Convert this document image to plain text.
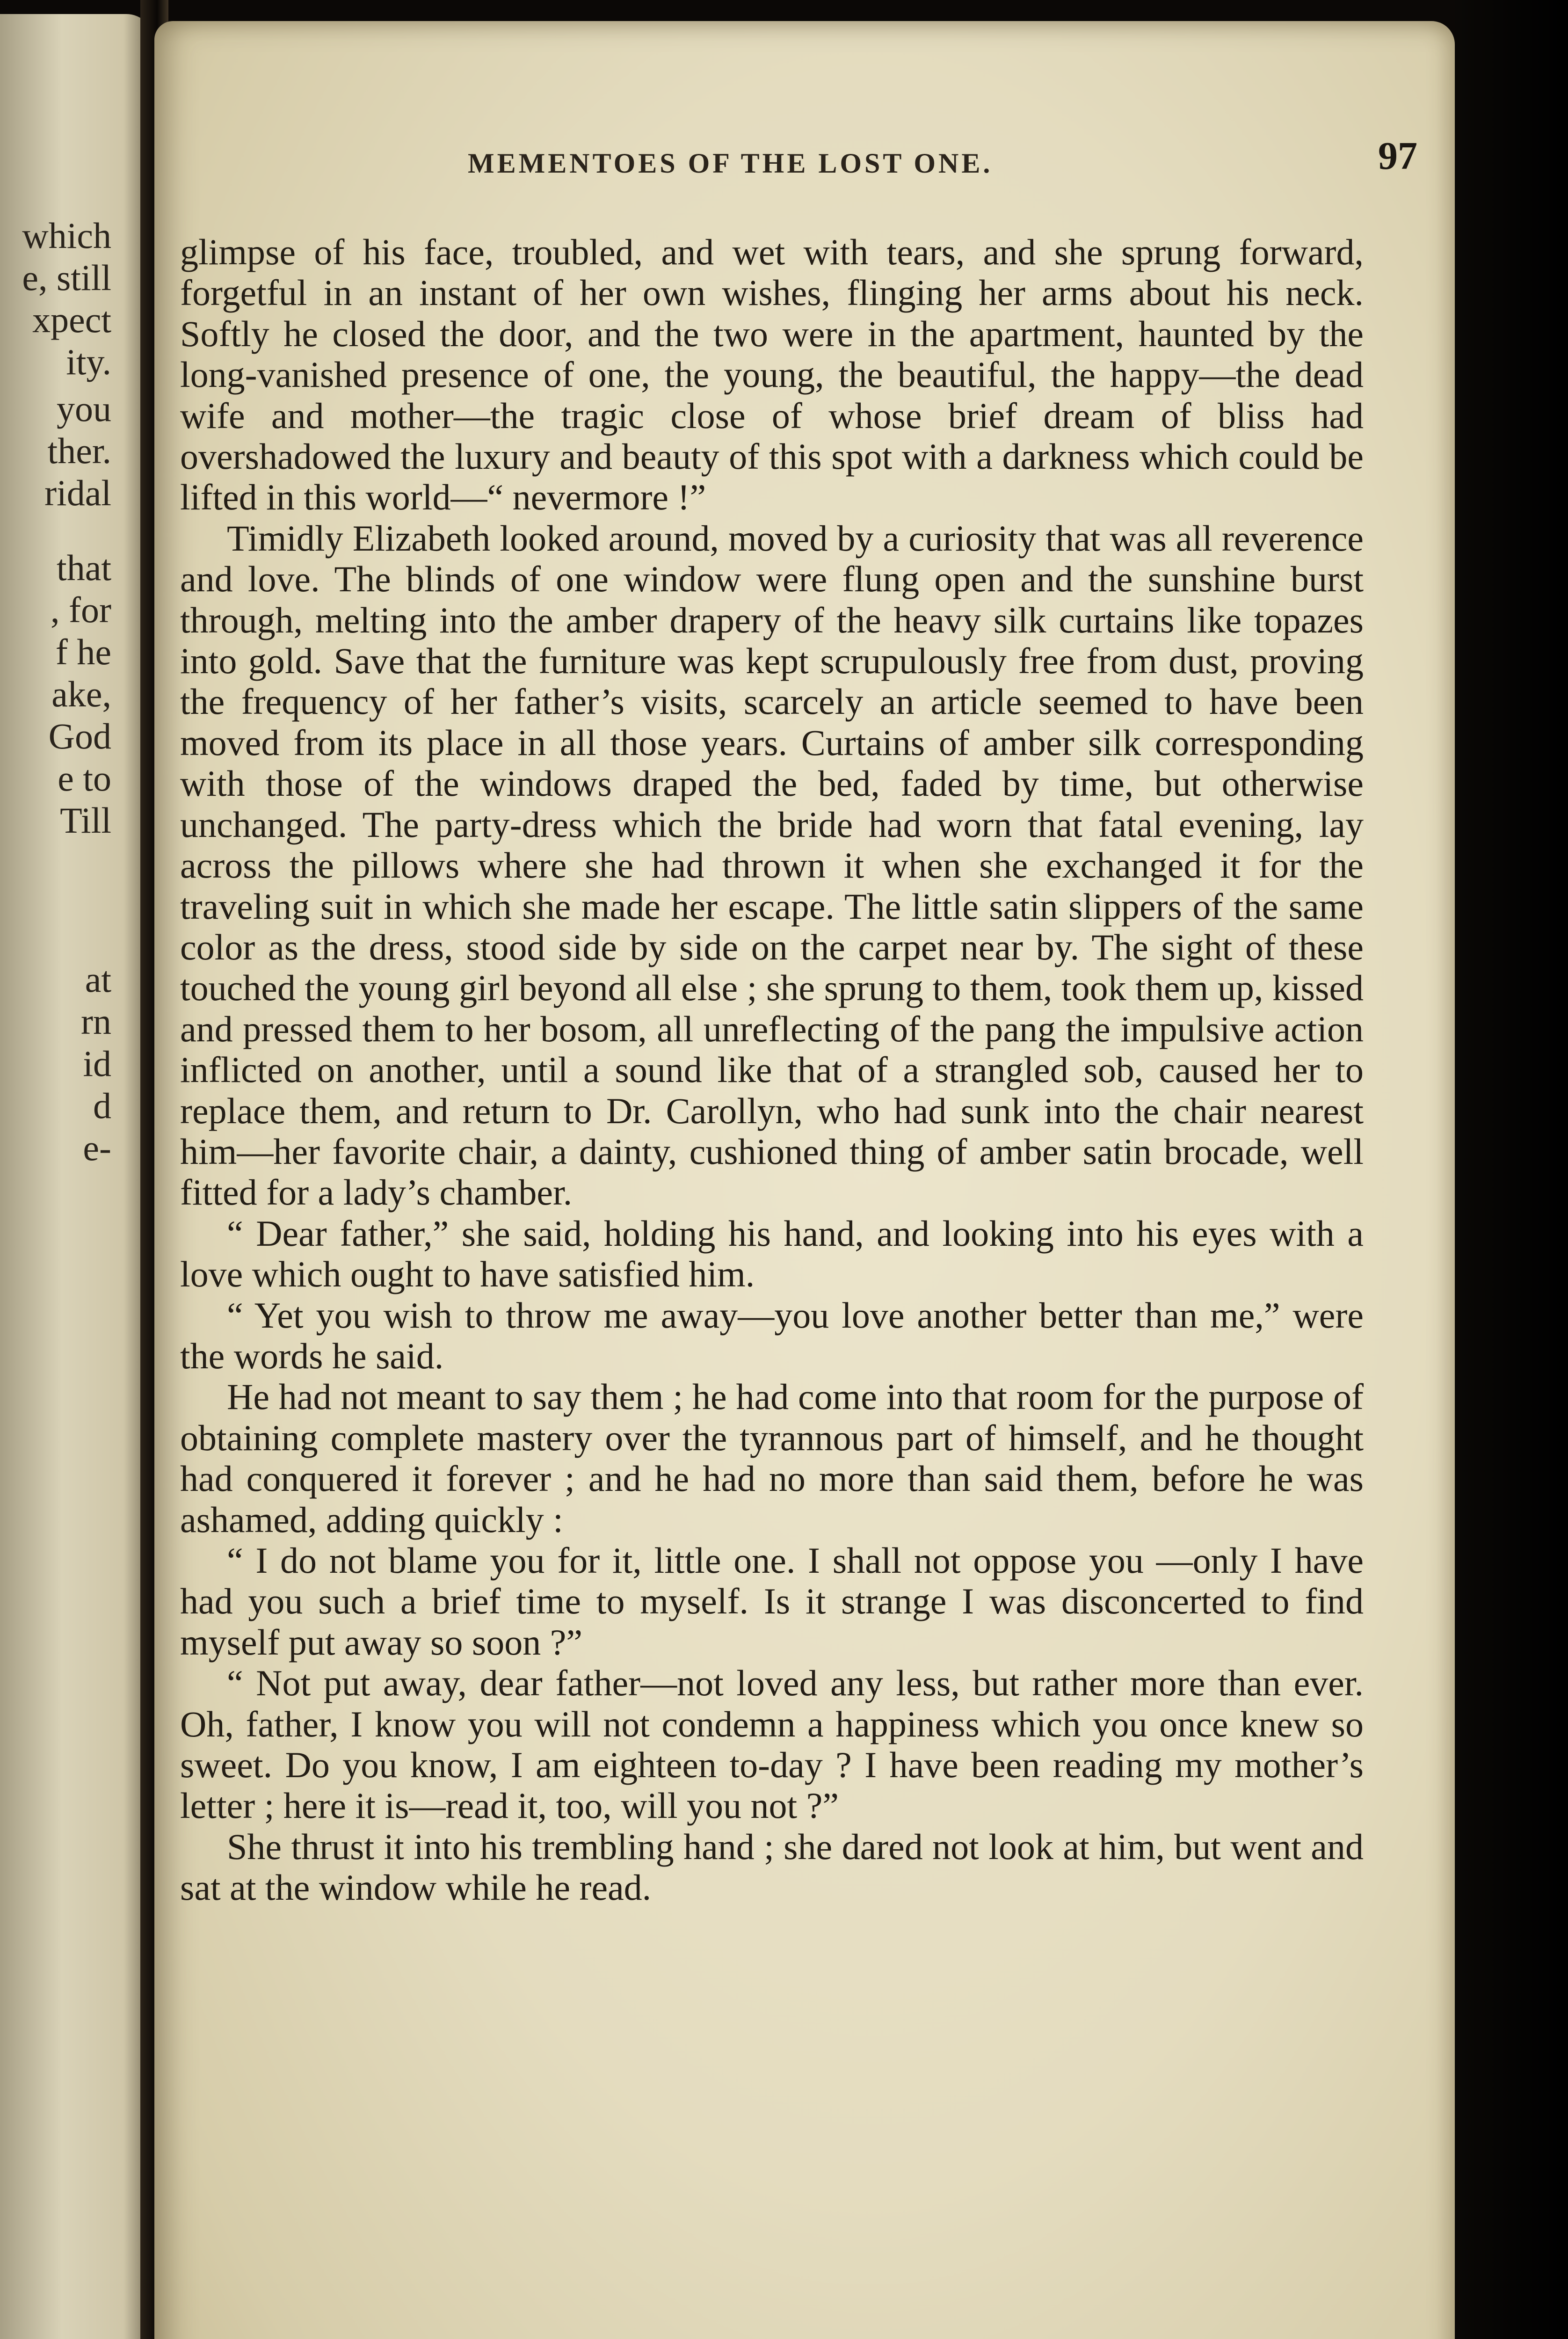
which
e, still
xpect
ity.
you
ther.
ridal
that
, for
f he
ake,
God
e to
Till
at
rn
id
d
e-
MEMENTOES OF THE LOST ONE.	97

glimpse of his face, troubled, and wet with tears, and she sprung forward, forgetful in an instant of her own wishes, flinging her arms about his neck. Softly he closed the door, and the two were in the apartment, haunted by the long-vanished presence of one, the young, the beautiful, the happy—the dead wife and mother—the tragic close of whose brief dream of bliss had overshadowed the luxury and beauty of this spot with a darkness which could be lifted in this world—“ nevermore !”

Timidly Elizabeth looked around, moved by a curiosity that was all reverence and love. The blinds of one window were flung open and the sunshine burst through, melting into the amber drapery of the heavy silk curtains like topazes into gold. Save that the furniture was kept scrupulously free from dust, proving the frequency of her father’s visits, scarcely an article seemed to have been moved from its place in all those years. Curtains of amber silk corresponding with those of the windows draped the bed, faded by time, but otherwise unchanged. The party-dress which the bride had worn that fatal evening, lay across the pillows where she had thrown it when she exchanged it for the traveling suit in which she made her escape. The little satin slippers of the same color as the dress, stood side by side on the carpet near by. The sight of these touched the young girl beyond all else ; she sprung to them, took them up, kissed and pressed them to her bosom, all unreflecting of the pang the impulsive action inflicted on another, until a sound like that of a strangled sob, caused her to replace them, and return to Dr. Carollyn, who had sunk into the chair nearest him—her favorite chair, a dainty, cushioned thing of amber satin brocade, well fitted for a lady’s chamber.

“ Dear father,” she said, holding his hand, and looking into his eyes with a love which ought to have satisfied him.

“ Yet you wish to throw me away—you love another better than me,” were the words he said.

He had not meant to say them ; he had come into that room for the purpose of obtaining complete mastery over the tyrannous part of himself, and he thought had conquered it forever ; and he had no more than said them, before he was ashamed, adding quickly :

“ I do not blame you for it, little one. I shall not oppose you —only I have had you such a brief time to myself. Is it strange I was disconcerted to find myself put away so soon ?”

“ Not put away, dear father—not loved any less, but rather more than ever. Oh, father, I know you will not condemn a happiness which you once knew so sweet. Do you know, I am eighteen to-day ? I have been reading my mother’s letter ; here it is—read it, too, will you not ?”

She thrust it into his trembling hand ; she dared not look at him, but went and sat at the window while he read.
